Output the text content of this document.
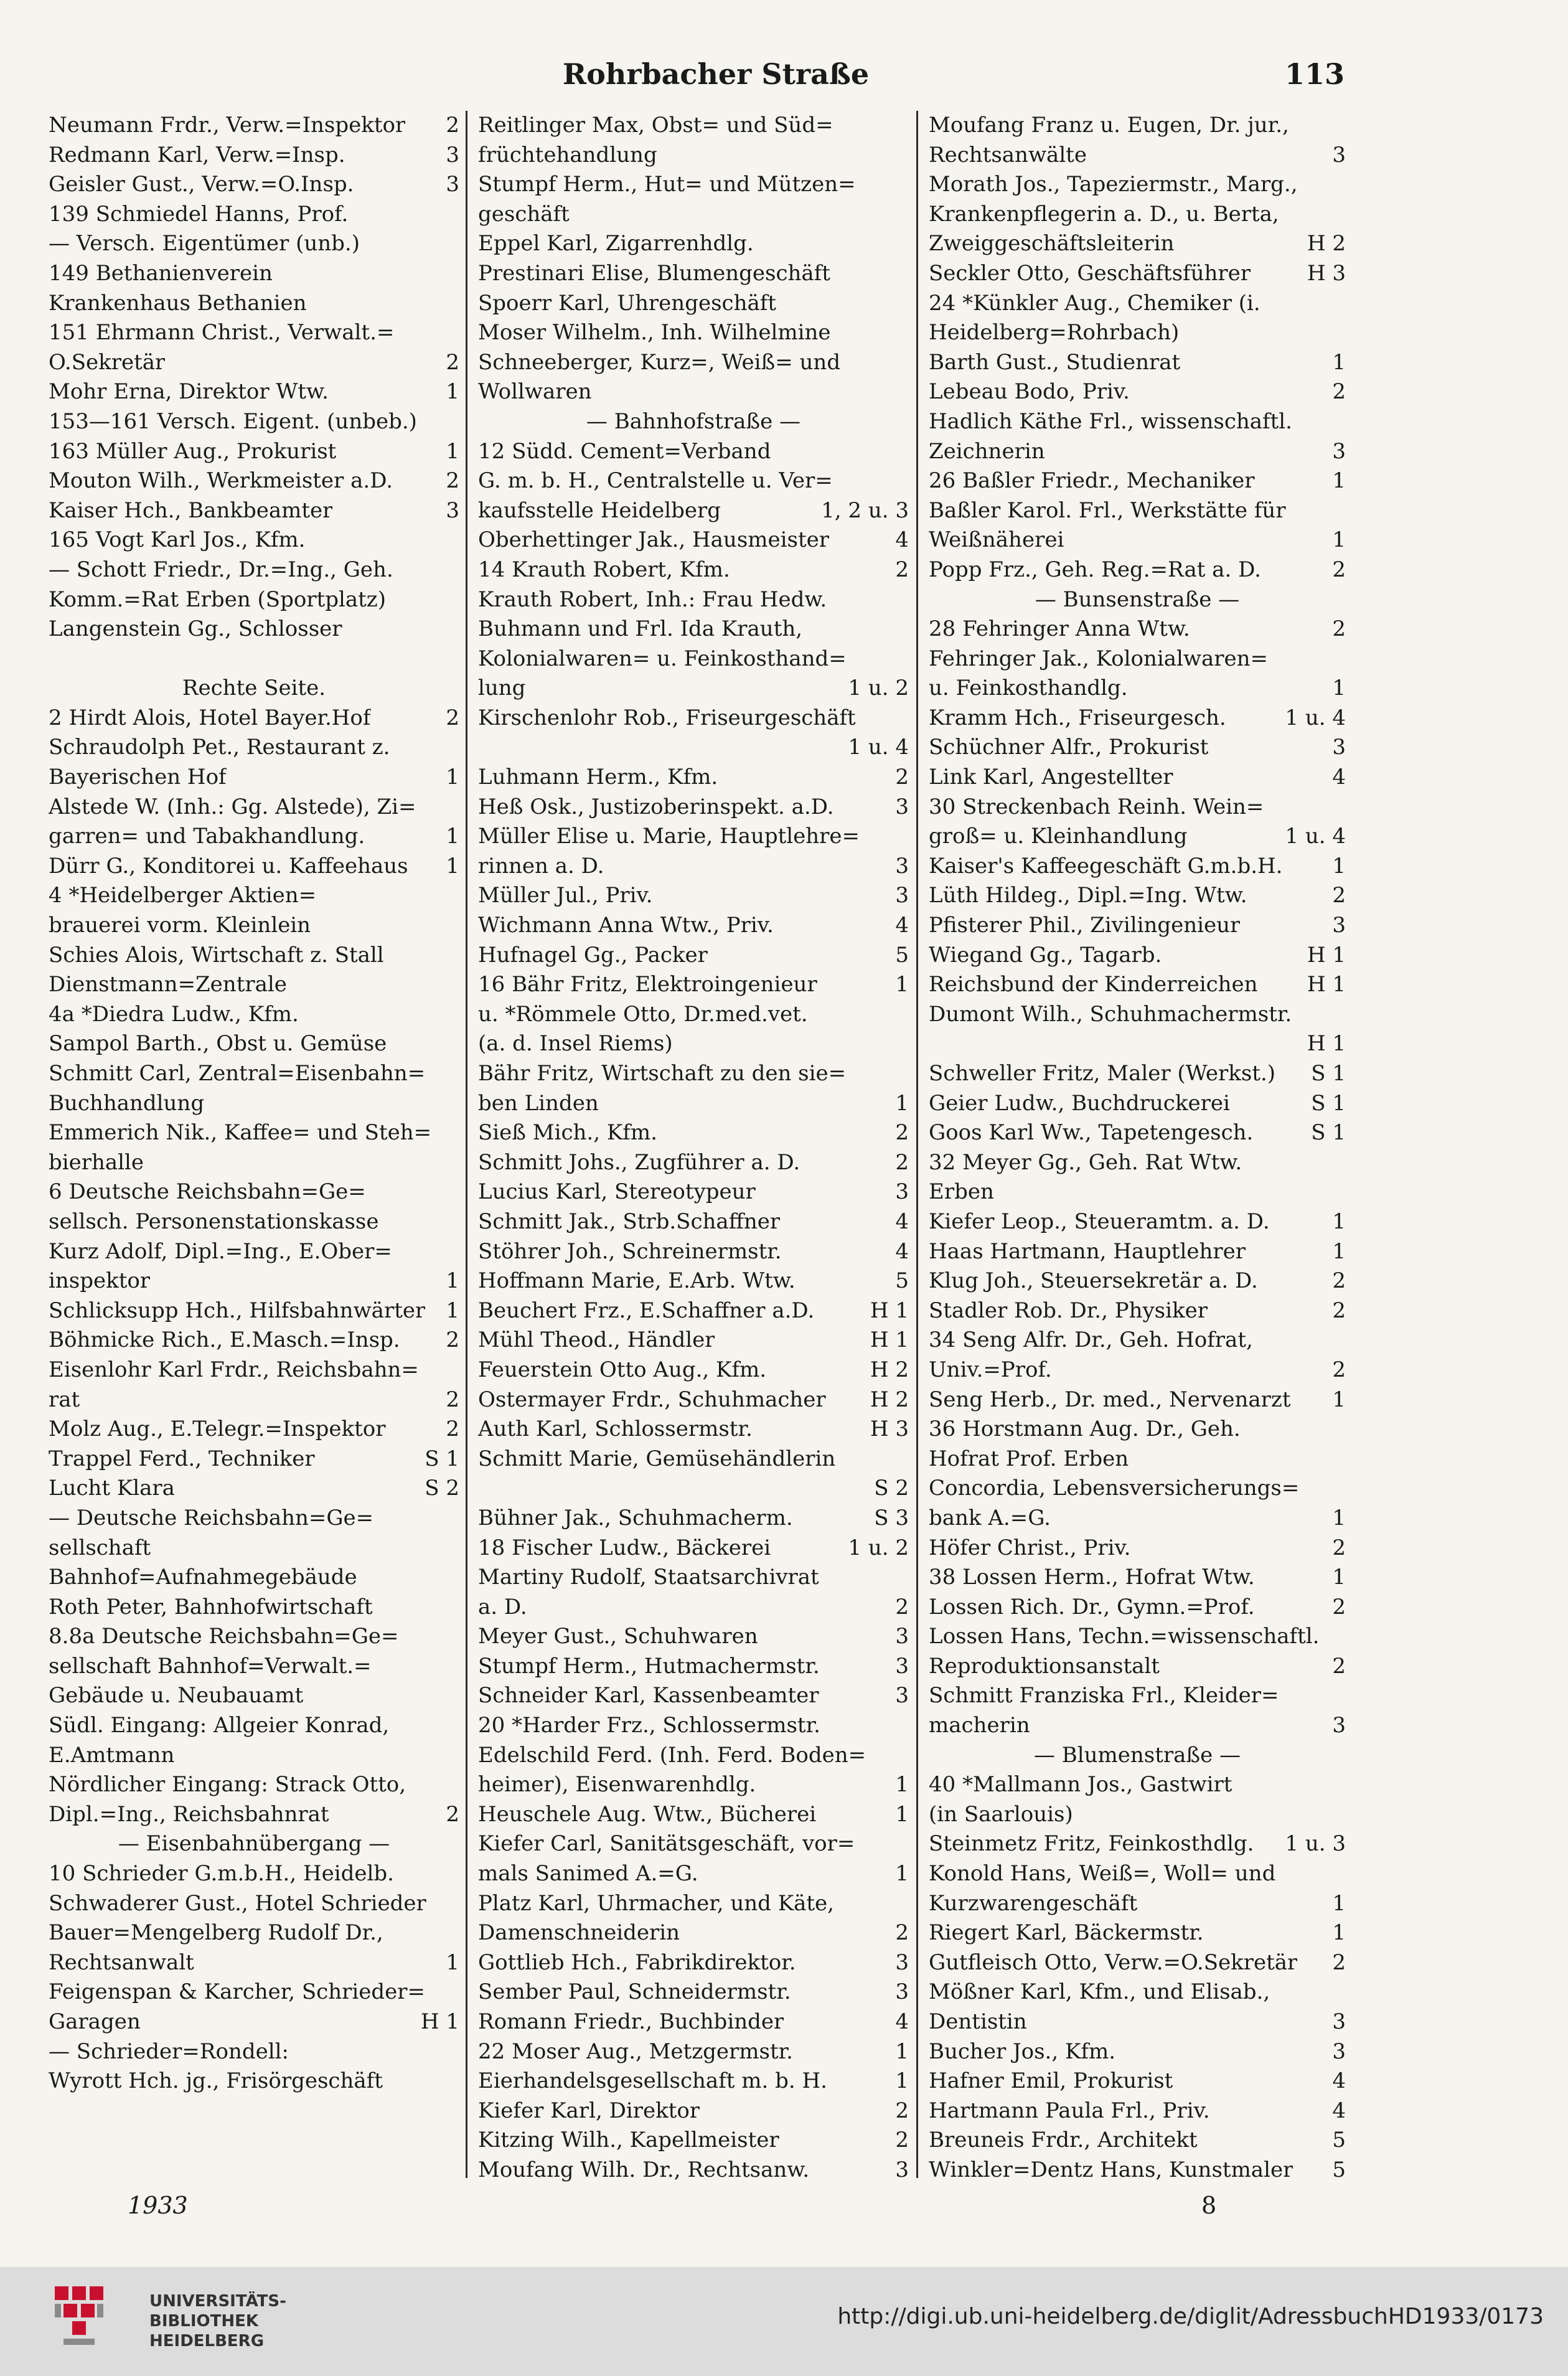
Rohrbacher Straße	113
Neumann Frdr., Verw.=Inspektor 2
Redmann Karl, Verw.=Insp.	3
Geisler Gust., Verw.=O.Insp.	3
139 Schmiedel Hanns, Prof.
— Versch. Eigentümer (unb.)
149 Bethanienverein
Krankenhaus Bethanien
151 Ehrmann Christ., Verwalt.=
O.Sekretär	2
Mohr Erna, Direktor Wtw.	1
153—161 Versch. Eigent. (unbeb.)
163 Müller Aug., Prokurist	1
Mouton Wilh., Werkmeister a.D.	2
Kaiser Hch., Bankbeamter	3
165 Vogt Karl Jos., Kfm.
— Schott Friedr., Dr.=Ing., Geh.
Komm.=Rat Erben (Sportplatz)
Langenstein Gg., Schlosser
Rechte Seite.
2 Hirdt Alois, Hotel Bayer.Hof	2
Schraudolph Pet., Restaurant z.
Bayerischen Hof	1
Alstede W. (Inh.: Gg. Alstede), Zi=
garren= und Tabakhandlung.	1
Dürr G., Konditorei u. Kaffeehaus 1
4 *Heidelberger Aktien=
brauerei vorm. Kleinlein
Schies Alois, Wirtschaft z. Stall
Dienstmann=Zentrale
4a *Diedra Ludw., Kfm.
Sampol Barth., Obst u. Gemüse
Schmitt Carl, Zentral=Eisenbahn=
Buchhandlung
Emmerich Nik., Kaffee= und Steh=
bierhalle
6 Deutsche Reichsbahn=Ge=
sellsch. Personenstationskasse
Kurz Adolf, Dipl.=Ing., E.Ober=
inspektor	1
Schlicksupp Hch., Hilfsbahnwärter 1
Böhmicke Rich., E.Masch.=Insp. 2
Eisenlohr Karl Frdr., Reichsbahn=
rat	2
Molz Aug., E.Telegr.=Inspektor	2
Trappel Ferd., Techniker	S 1
Lucht Klara	S 2
— Deutsche Reichsbahn=Ge=
sellschaft
Bahnhof=Aufnahmegebäude
Roth Peter, Bahnhofwirtschaft
8.8a Deutsche Reichsbahn=Ge=
sellschaft Bahnhof=Verwalt.=
Gebäude u. Neubauamt
Südl. Eingang: Allgeier Konrad,
E.Amtmann
Nördlicher Eingang: Strack Otto,
Dipl.=Ing., Reichsbahnrat	2
— Eisenbahnübergang —
10 Schrieder G.m.b.H., Heidelb.
Schwaderer Gust., Hotel Schrieder
Bauer=Mengelberg Rudolf Dr.,
Rechtsanwalt	1
Feigenspan & Karcher, Schrieder=
Garagen	H 1
— Schrieder=Rondell:
Wyrott Hch. jg., Frisörgeschäft
Reitlinger Max, Obst= und Süd=
früchtehandlung
Stumpf Herm., Hut= und Mützen=
geschäft
Eppel Karl, Zigarrenhdlg.
Prestinari Elise, Blumengeschäft
Spoerr Karl, Uhrengeschäft
Moser Wilhelm., Inh. Wilhelmine
Schneeberger, Kurz=, Weiß= und
Wollwaren
— Bahnhofstraße —
12 Südd. Cement=Verband
G. m. b. H., Centralstelle u. Ver=
kaufsstelle Heidelberg	1, 2 u. 3
Oberhettinger Jak., Hausmeister	4
14 Krauth Robert, Kfm.	2
Krauth Robert, Inh.: Frau Hedw.
Buhmann und Frl. Ida Krauth,
Kolonialwaren= u. Feinkosthand=
lung	1 u. 2
Kirschenlohr Rob., Friseurgeschäft
1 u. 4
Luhmann Herm., Kfm.	2
Heß Osk., Justizoberinspekt. a.D.	3
Müller Elise u. Marie, Hauptlehre=
rinnen a. D.	3
Müller Jul., Priv.	3
Wichmann Anna Wtw., Priv.	4
Hufnagel Gg., Packer	5
16 Bähr Fritz, Elektroingenieur	1
u. *Römmele Otto, Dr.med.vet.
(a. d. Insel Riems)
Bähr Fritz, Wirtschaft zu den sie=
ben Linden	1
Sieß Mich., Kfm.	2
Schmitt Johs., Zugführer a. D.	2
Lucius Karl, Stereotypeur	3
Schmitt Jak., Strb.Schaffner	4
Stöhrer Joh., Schreinermstr.	4
Hoffmann Marie, E.Arb. Wtw.	5
Beuchert Frz., E.Schaffner a.D.	H 1
Mühl Theod., Händler	H 1
Feuerstein Otto Aug., Kfm.	H 2
Ostermayer Frdr., Schuhmacher H 2
Auth Karl, Schlossermstr.	H 3
Schmitt Marie, Gemüsehändlerin
S 2
Bühner Jak., Schuhmacherm.	S 3
18 Fischer Ludw., Bäckerei	1 u. 2
Martiny Rudolf, Staatsarchivrat
a. D.	2
Meyer Gust., Schuhwaren	3
Stumpf Herm., Hutmachermstr.	3
Schneider Karl, Kassenbeamter	3
20 *Harder Frz., Schlossermstr.
Edelschild Ferd. (Inh. Ferd. Boden=
heimer), Eisenwarenhdlg.	1
Heuschele Aug. Wtw., Bücherei	1
Kiefer Carl, Sanitätsgeschäft, vor=
mals Sanimed A.=G.	1
Platz Karl, Uhrmacher, und Käte,
Damenschneiderin	2
Gottlieb Hch., Fabrikdirektor.	3
Sember Paul, Schneidermstr.	3
Romann Friedr., Buchbinder	4
22 Moser Aug., Metzgermstr.	1
Eierhandelsgesellschaft m. b. H.	1
Kiefer Karl, Direktor	2
Kitzing Wilh., Kapellmeister	2
Moufang Wilh. Dr., Rechtsanw.	3
Moufang Franz u. Eugen, Dr. jur.,
Rechtsanwälte	3
Morath Jos., Tapeziermstr., Marg.,
Krankenpflegerin a. D., u. Berta,
Zweiggeschäftsleiterin	H 2
Seckler Otto, Geschäftsführer	H 3
24 *Künkler Aug., Chemiker (i.
Heidelberg=Rohrbach)
Barth Gust., Studienrat	1
Lebeau Bodo, Priv.	2
Hadlich Käthe Frl., wissenschaftl.
Zeichnerin	3
26 Baßler Friedr., Mechaniker	1
Baßler Karol. Frl., Werkstätte für
Weißnäherei	1
Popp Frz., Geh. Reg.=Rat a. D.	2
— Bunsenstraße —
28 Fehringer Anna Wtw.	2
Fehringer Jak., Kolonialwaren=
u. Feinkosthandlg.	1
Kramm Hch., Friseurgesch.	1 u. 4
Schüchner Alfr., Prokurist	3
Link Karl, Angestellter	4
30 Streckenbach Reinh. Wein=
groß= u. Kleinhandlung	1 u. 4
Kaiser's Kaffeegeschäft G.m.b.H. 1
Lüth Hildeg., Dipl.=Ing. Wtw.	2
Pfisterer Phil., Zivilingenieur	3
Wiegand Gg., Tagarb.	H 1
Reichsbund der Kinderreichen H 1
Dumont Wilh., Schuhmachermstr.
H 1
Schweller Fritz, Maler (Werkst.) S 1
Geier Ludw., Buchdruckerei	S 1
Goos Karl Ww., Tapetengesch.	S 1
32 Meyer Gg., Geh. Rat Wtw.
Erben
Kiefer Leop., Steueramtm. a. D.	1
Haas Hartmann, Hauptlehrer	1
Klug Joh., Steuersekretär a. D.	2
Stadler Rob. Dr., Physiker	2
34 Seng Alfr. Dr., Geh. Hofrat,
Univ.=Prof.	2
Seng Herb., Dr. med., Nervenarzt 1
36 Horstmann Aug. Dr., Geh.
Hofrat Prof. Erben
Concordia, Lebensversicherungs=
bank A.=G.	1
Höfer Christ., Priv.	2
38 Lossen Herm., Hofrat Wtw.	1
Lossen Rich. Dr., Gymn.=Prof.	2
Lossen Hans, Techn.=wissenschaftl.
Reproduktionsanstalt	2
Schmitt Franziska Frl., Kleider=
macherin	3
— Blumenstraße —
40 *Mallmann Jos., Gastwirt
(in Saarlouis)
Steinmetz Fritz, Feinkosthdlg. 1 u. 3
Konold Hans, Weiß=, Woll= und
Kurzwarengeschäft	1
Riegert Karl, Bäckermstr.	1
Gutfleisch Otto, Verw.=O.Sekretär 2
Mößner Karl, Kfm., und Elisab.,
Dentistin	3
Bucher Jos., Kfm.	3
Hafner Emil, Prokurist	4
Hartmann Paula Frl., Priv.	4
Breuneis Frdr., Architekt	5
Winkler=Dentz Hans, Kunstmaler 5
1933	8
UNIVERSITÄTS-
BIBLIOTHEK
HEIDELBERG
http://digi.ub.uni-heidelberg.de/diglit/AdressbuchHD1933/0173
